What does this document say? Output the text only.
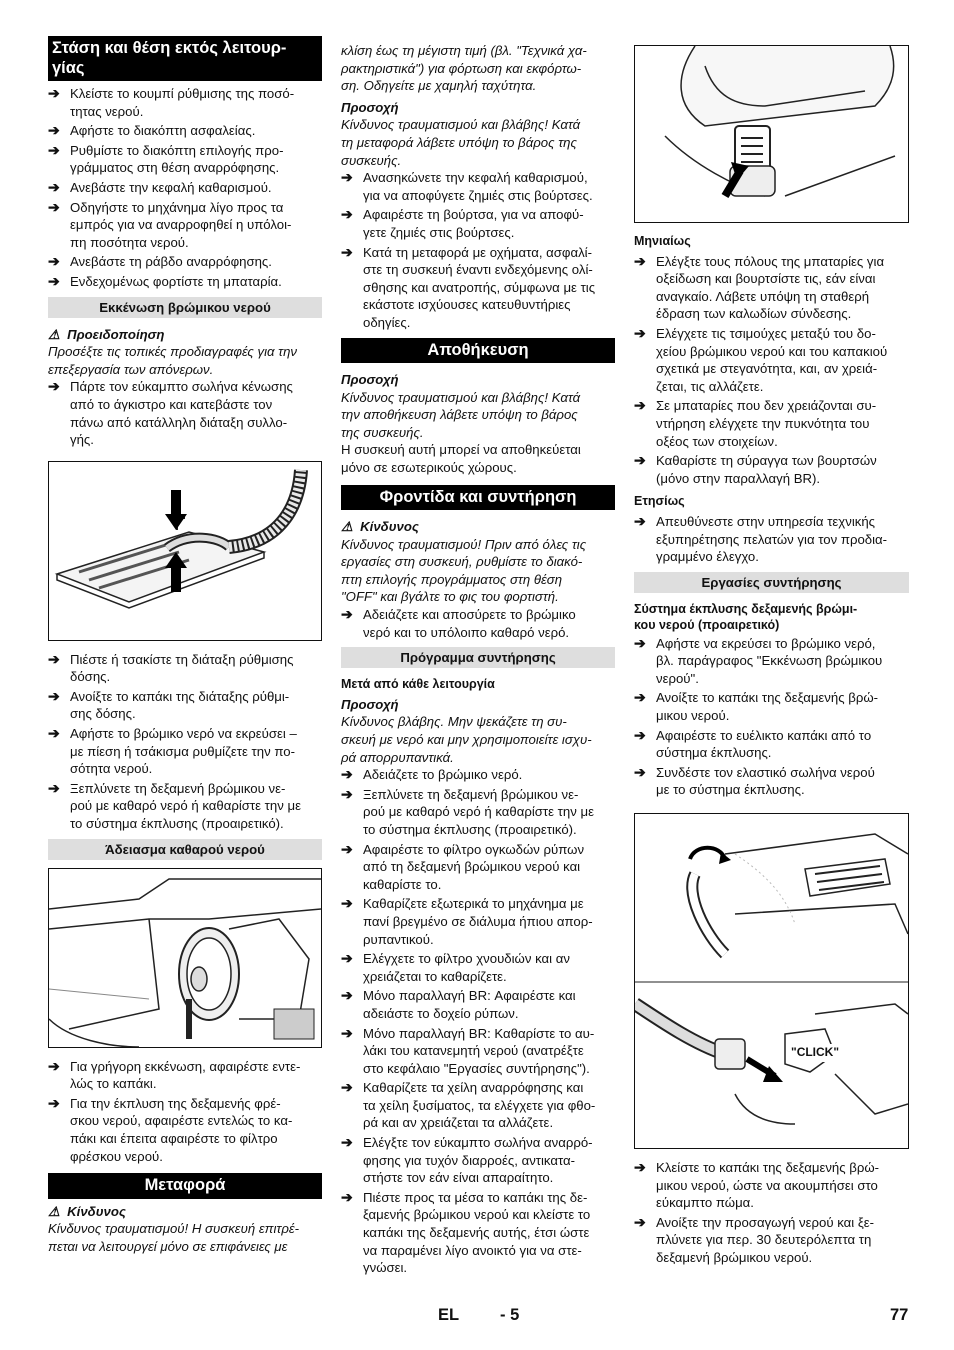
Στάση και θέση εκτός λειτουρ-
γίας
➔ Κλείστε το κουμπί ρύθμισης της ποσό-
τητας νερού.
➔ Αφήστε το διακόπτη ασφαλείας.
➔ Ρυθμίστε το διακόπτη επιλογής προ-
γράμματος στη θέση αναρρόφησης.
➔ Ανεβάστε την κεφαλή καθαρισμού.
➔ Οδηγήστε το μηχάνημα λίγο προς τα
εμπρός για να αναρροφηθεί η υπόλοι-
πη ποσότητα νερού.
➔ Ανεβάστε τη ράβδο αναρρόφησης.
➔ Ενδεχομένως φορτίστε τη μπαταρία.
Εκκένωση βρώμικου νερού
⚠ Προειδοποίηση
Προσέξτε τις τοπικές προδιαγραφές για την
επεξεργασία των απόνερων.
➔ Πάρτε τον εύκαμπτο σωλήνα κένωσης
από το άγκιστρο και κατεβάστε τον
πάνω από κατάλληλη διάταξη συλλο-
γής.
➔ Πιέστε ή τσακίστε τη διάταξη ρύθμισης
δόσης.
➔ Ανοίξτε το καπάκι της διάταξης ρύθμι-
σης δόσης.
➔ Αφήστε το βρώμικο νερό να εκρεύσει –
με πίεση ή τσάκισμα ρυθμίζετε την πο-
σότητα νερού.
➔ Ξεπλύνετε τη δεξαμενή βρώμικου νε-
ρού με καθαρό νερό ή καθαρίστε την με
το σύστημα έκπλυσης (προαιρετικό).
Άδειασμα καθαρού νερού
➔ Για γρήγορη εκκένωση, αφαιρέστε εντε-
λώς το καπάκι.
➔ Για την έκπλυση της δεξαμενής φρέ-
σκου νερού, αφαιρέστε εντελώς το κα-
πάκι και έπειτα αφαιρέστε το φίλτρο
φρέσκου νερού.
Μεταφορά
⚠ Κίνδυνος
Κίνδυνος τραυματισμού! Η συσκευή επιτρέ-
πεται να λειτουργεί μόνο σε επιφάνειες με
κλίση έως τη μέγιστη τιμή (βλ. "Τεχνικά χα-
ρακτηριστικά") για φόρτωση και εκφόρτω-
ση. Οδηγείτε με χαμηλή ταχύτητα.
Προσοχή
Κίνδυνος τραυματισμού και βλάβης! Κατά
τη μεταφορά λάβετε υπόψη το βάρος της
συσκευής.
➔ Ανασηκώνετε την κεφαλή καθαρισμού,
για να αποφύγετε ζημιές στις βούρτσες.
➔ Αφαιρέστε τη βούρτσα, για να αποφύ-
γετε ζημιές στις βούρτσες.
➔ Κατά τη μεταφορά με οχήματα, ασφαλί-
στε τη συσκευή έναντι ενδεχόμενης ολί-
σθησης και ανατροπής, σύμφωνα με τις
εκάστοτε ισχύουσες κατευθυντήριες
οδηγίες.
Αποθήκευση
Προσοχή
Κίνδυνος τραυματισμού και βλάβης! Κατά
την αποθήκευση λάβετε υπόψη το βάρος
της συσκευής.
Η συσκευή αυτή μπορεί να αποθηκεύεται
μόνο σε εσωτερικούς χώρους.
Φροντίδα και συντήρηση
⚠ Κίνδυνος
Κίνδυνος τραυματισμού! Πριν από όλες τις
εργασίες στη συσκευή, ρυθμίστε το διακό-
πτη επιλογής προγράμματος στη θέση
"OFF" και βγάλτε το φις του φορτιστή.
➔ Αδειάζετε και αποσύρετε το βρώμικο
νερό και το υπόλοιπο καθαρό νερό.
Πρόγραμμα συντήρησης
Μετά από κάθε λειτουργία
Προσοχή
Κίνδυνος βλάβης. Μην ψεκάζετε τη συ-
σκευή με νερό και μην χρησιμοποιείτε ισχυ-
ρά απορρυπαντικά.
➔ Αδειάζετε το βρώμικο νερό.
➔ Ξεπλύνετε τη δεξαμενή βρώμικου νε-
ρού με καθαρό νερό ή καθαρίστε την με
το σύστημα έκπλυσης (προαιρετικό).
➔ Αφαιρέστε το φίλτρο ογκωδών ρύπων
από τη δεξαμενή βρώμικου νερού και
καθαρίστε το.
➔ Καθαρίζετε εξωτερικά το μηχάνημα με
πανί βρεγμένο σε διάλυμα ήπιου απορ-
ρυπαντικού.
➔ Ελέγχετε το φίλτρο χνουδιών και αν
χρειάζεται το καθαρίζετε.
➔ Μόνο παραλλαγή BR: Αφαιρέστε και
αδειάστε το δοχείο ρύπων.
➔ Μόνο παραλλαγή BR: Καθαρίστε το αυ-
λάκι του κατανεμητή νερού (ανατρέξτε
στο κεφάλαιο "Εργασίες συντήρησης").
➔ Καθαρίζετε τα χείλη αναρρόφησης και
τα χείλη ξυσίματος, τα ελέγχετε για φθο-
ρά και αν χρειάζεται τα αλλάζετε.
➔ Ελέγξτε τον εύκαμπτο σωλήνα αναρρό-
φησης για τυχόν διαρροές, αντικατα-
στήστε τον εάν είναι απαραίτητο.
➔ Πιέστε προς τα μέσα το καπάκι της δε-
ξαμενής βρώμικου νερού και κλείστε το
καπάκι της δεξαμενής αυτής, έτσι ώστε
να παραμένει λίγο ανοικτό για να στε-
γνώσει.
Μηνιαίως
➔ Ελέγξτε τους πόλους της μπαταρίες για
οξείδωση και βουρτσίστε τις, εάν είναι
αναγκαίο. Λάβετε υπόψη τη σταθερή
έδραση των καλωδίων σύνδεσης.
➔ Ελέγχετε τις τσιμούχες μεταξύ του δο-
χείου βρώμικου νερού και του καπακιού
σχετικά με στεγανότητα, και, αν χρειά-
ζεται, τις αλλάζετε.
➔ Σε μπαταρίες που δεν χρειάζονται συ-
ντήρηση ελέγχετε την πυκνότητα του
οξέος των στοιχείων.
➔ Καθαρίστε τη σύραγγα των βουρτσών
(μόνο στην παραλλαγή BR).
Ετησίως
➔ Απευθύνεστε στην υπηρεσία τεχνικής
εξυπηρέτησης πελατών για τον προδια-
γραμμένο έλεγχο.
Εργασίες συντήρησης
Σύστημα έκπλυσης δεξαμενής βρώμι-
κου νερού (προαιρετικό)
➔ Αφήστε να εκρεύσει το βρώμικο νερό,
βλ. παράγραφος "Εκκένωση βρώμικου
νερού".
➔ Ανοίξτε το καπάκι της δεξαμενής βρώ-
μικου νερού.
➔ Αφαιρέστε το ευέλικτο καπάκι από το
σύστημα έκπλυσης.
➔ Συνδέστε τον ελαστικό σωλήνα νερού
με το σύστημα έκπλυσης.
"CLICK"
➔ Κλείστε το καπάκι της δεξαμενής βρώ-
μικου νερού, ώστε να ακουμπήσει στο
εύκαμπτο πώμα.
➔ Ανοίξτε την προσαγωγή νερού και ξε-
πλύνετε για περ. 30 δευτερόλεπτα τη
δεξαμενή βρώμικου νερού.
EL - 5	77
